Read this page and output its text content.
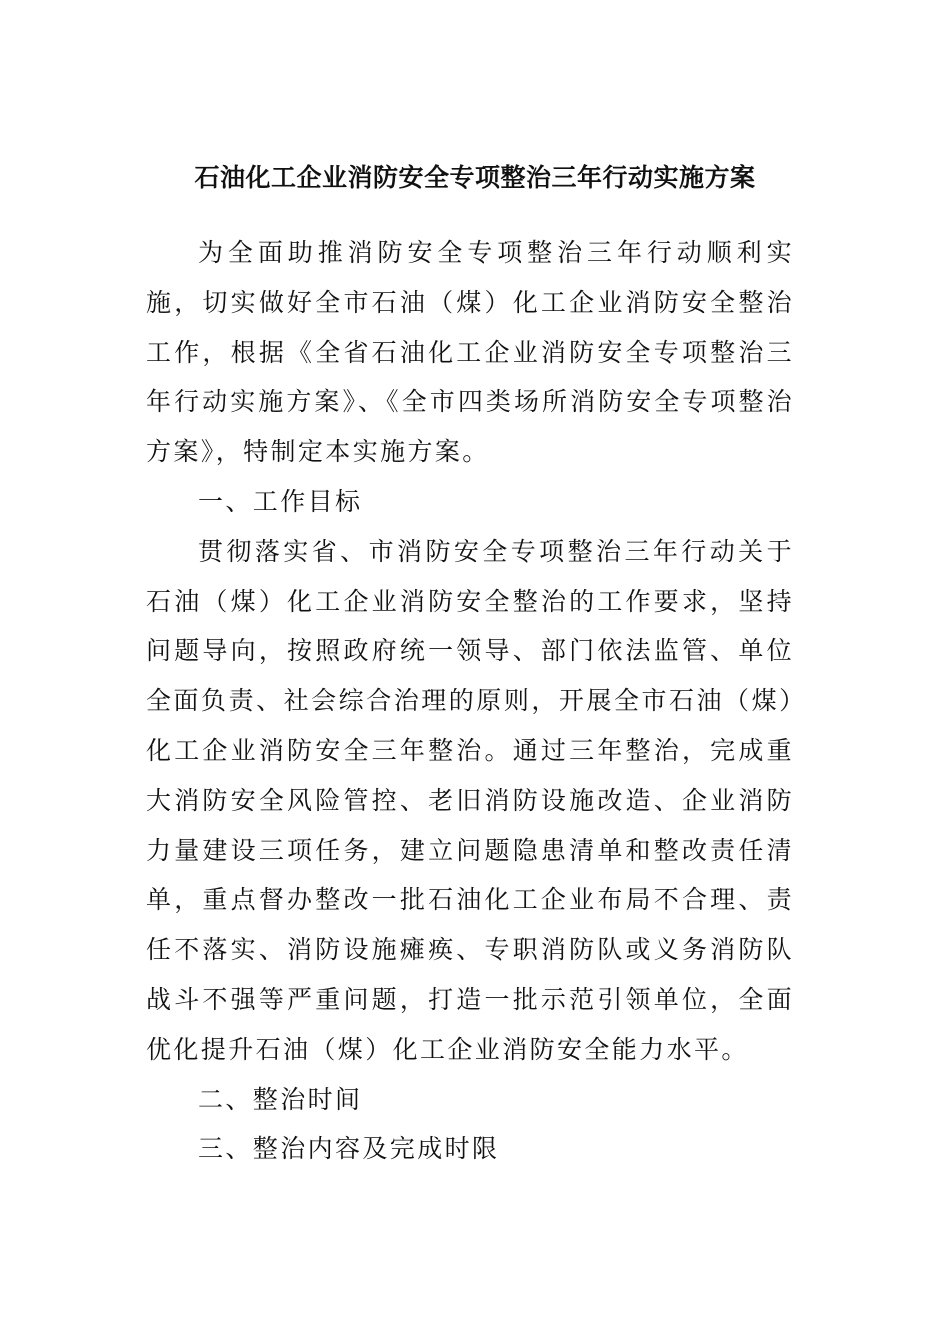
石油化工企业消防安全专项整治三年行动实施方案

为全面助推消防安全专项整治三年行动顺利实施，切实做好全市石油（煤）化工企业消防安全整治工作，根据《全省石油化工企业消防安全专项整治三年行动实施方案》、《全市四类场所消防安全专项整治方案》，特制定本实施方案。

一、工作目标

贯彻落实省、市消防安全专项整治三年行动关于石油（煤）化工企业消防安全整治的工作要求，坚持问题导向，按照政府统一领导、部门依法监管、单位全面负责、社会综合治理的原则，开展全市石油（煤）化工企业消防安全三年整治。通过三年整治，完成重大消防安全风险管控、老旧消防设施改造、企业消防力量建设三项任务，建立问题隐患清单和整改责任清单，重点督办整改一批石油化工企业布局不合理、责任不落实、消防设施瘫痪、专职消防队或义务消防队战斗不强等严重问题，打造一批示范引领单位，全面优化提升石油（煤）化工企业消防安全能力水平。

二、整治时间

三、整治内容及完成时限
